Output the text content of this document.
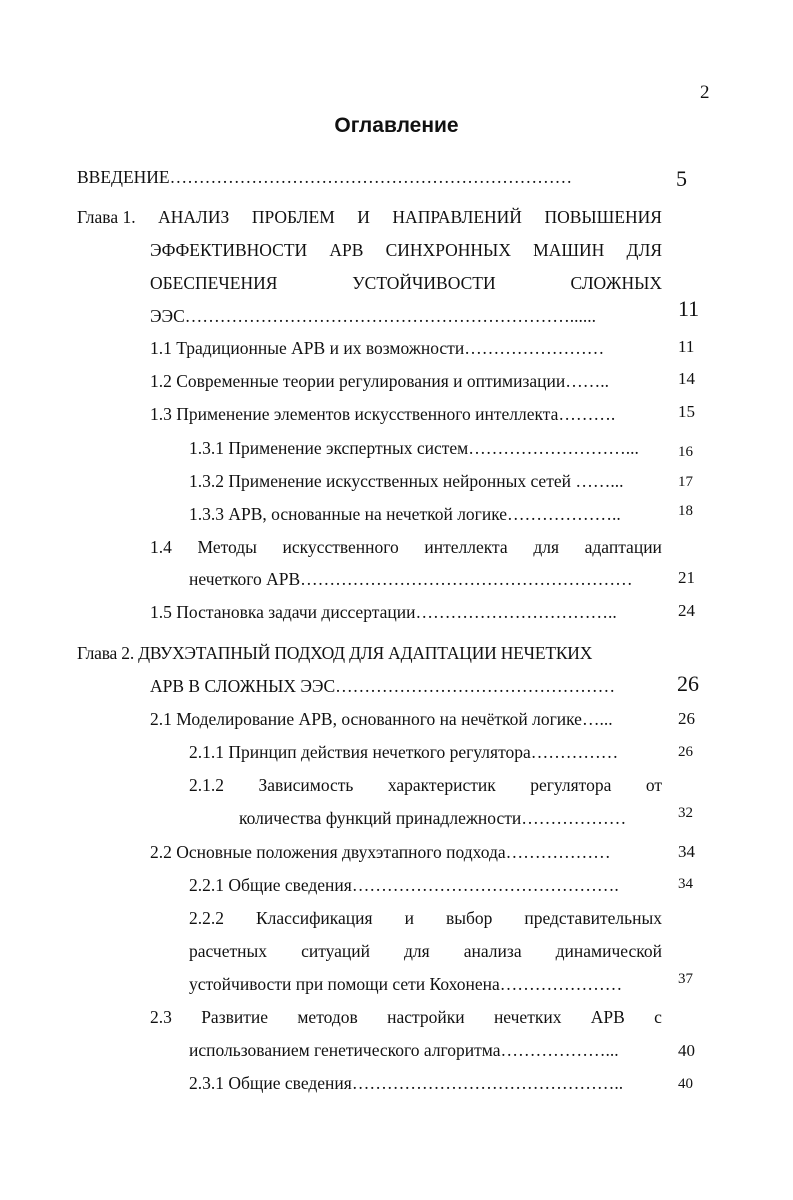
2
Оглавление
ВВЕДЕНИЕ……………………………………………………………	5
Глава 1. АНАЛИЗ ПРОБЛЕМ И НАПРАВЛЕНИЙ ПОВЫШЕНИЯ
ЭФФЕКТИВНОСТИ АРВ СИНХРОННЫХ МАШИН ДЛЯ
ОБЕСПЕЧЕНИЯ	УСТОЙЧИВОСТИ	СЛОЖНЫХ
ЭЭС…………………………………………………………......	11
1.1 Традиционные АРВ и их возможности……………………	11
1.2 Современные теории регулирования и оптимизации……..	14
1.3 Применение элементов искусственного интеллекта……….	15
1.3.1 Применение экспертных систем………………………...	16
1.3.2 Применение искусственных нейронных сетей ……...	17
1.3.3 АРВ, основанные на нечеткой логике………………..	18
1.4 Методы искусственного интеллекта для адаптации
нечеткого АРВ…………………………………………………	21
1.5 Постановка задачи диссертации……………………………..	24
Глава 2. ДВУХЭТАПНЫЙ ПОДХОД ДЛЯ АДАПТАЦИИ НЕЧЕТКИХ
АРВ В СЛОЖНЫХ ЭЭС…………………………………………	26
2.1 Моделирование АРВ, основанного на нечёткой логике…...	26
2.1.1 Принцип действия нечеткого регулятора……………	26
2.1.2 Зависимость характеристик регулятора от
количества функций принадлежности………………	32
2.2 Основные положения двухэтапного подхода………………	34
2.2.1 Общие сведения……………………………………….	34
2.2.2 Классификация и выбор представительных
расчетных ситуаций для анализа динамической
устойчивости при помощи сети Кохонена…………………	37
2.3 Развитие методов настройки нечетких АРВ с
использованием генетического алгоритма………………...	40
2.3.1 Общие сведения………………………………………..	40
